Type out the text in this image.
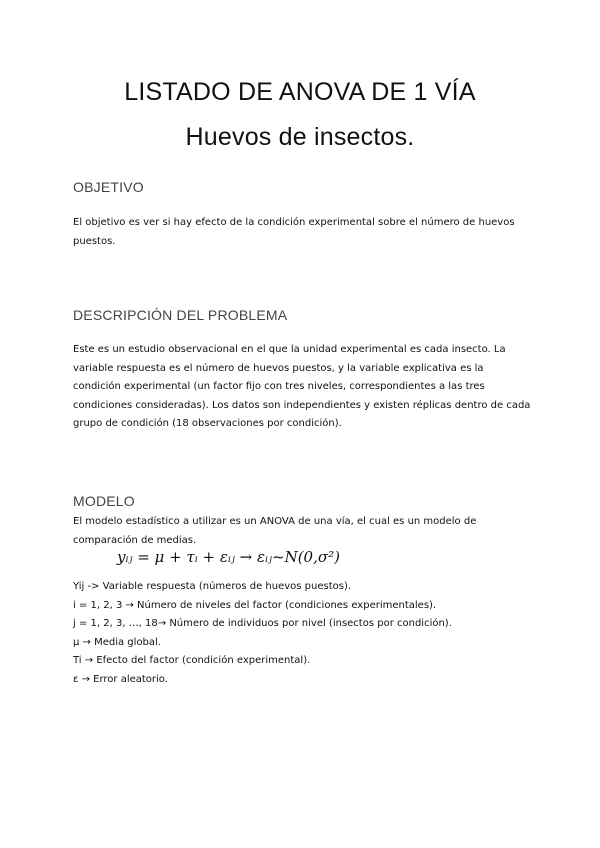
LISTADO DE ANOVA DE 1 VÍA
Huevos de insectos.
OBJETIVO
El objetivo es ver si hay efecto de la condición experimental sobre el número de huevos puestos.
DESCRIPCIÓN DEL PROBLEMA
Este es un estudio observacional en el que la unidad experimental es cada insecto. La variable respuesta es el número de huevos puestos, y la variable explicativa es la condición experimental (un factor fijo con tres niveles, correspondientes a las tres condiciones consideradas). Los datos son independientes y existen réplicas dentro de cada grupo de condición (18 observaciones por condición).
MODELO
El modelo estadístico a utilizar es un ANOVA de una vía, el cual es un modelo de comparación de medias.
yᵢⱼ = μ + τᵢ + εᵢⱼ → εᵢⱼ~N(0,σ²)
Yij -> Variable respuesta (números de huevos puestos).
i = 1, 2, 3 → Número de niveles del factor (condiciones experimentales).
j = 1, 2, 3, …, 18→ Número de individuos por nivel (insectos por condición).
μ → Media global.
Ti → Efecto del factor (condición experimental).
ε → Error aleatorio.
